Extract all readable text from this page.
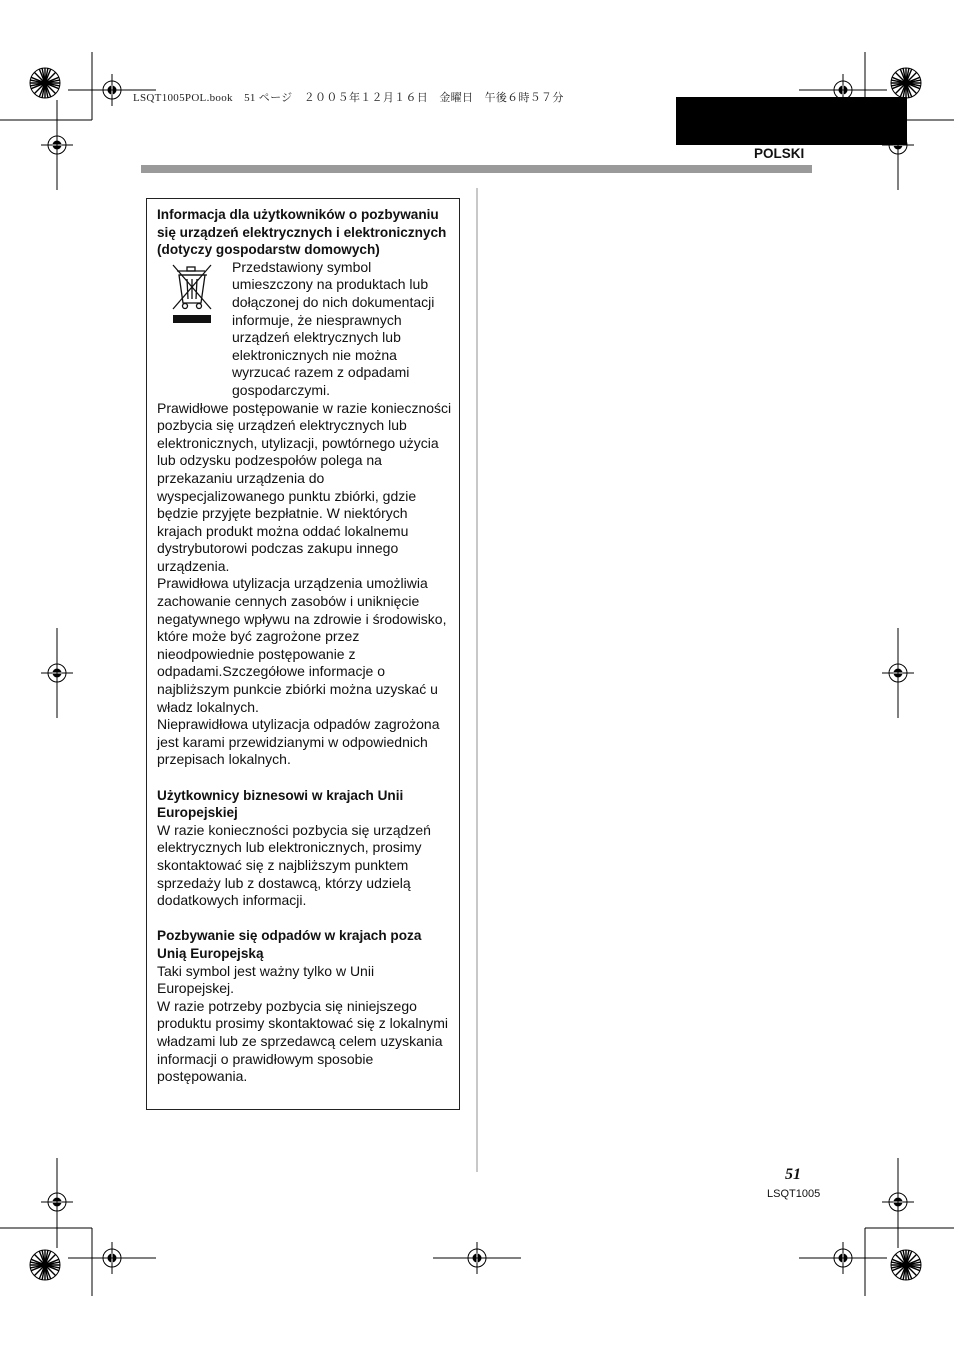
LSQT1005POL.book　51 ページ　２００５年１２月１６日　金曜日　午後６時５７分
POLSKI

Informacja dla użytkowników o pozbywaniu się urządzeń elektrycznych i elektronicznych (dotyczy gospodarstw domowych)

Przedstawiony symbol umieszczony na produktach lub dołączonej do nich dokumentacji informuje, że niesprawnych urządzeń elektrycznych lub elektronicznych nie można wyrzucać razem z odpadami gospodarczymi.

Prawidłowe postępowanie w razie konieczności pozbycia się urządzeń elektrycznych lub elektronicznych, utylizacji, powtórnego użycia lub odzysku podzespołów polega na przekazaniu urządzenia do wyspecjalizowanego punktu zbiórki, gdzie będzie przyjęte bezpłatnie. W niektórych krajach produkt można oddać lokalnemu dystrybutorowi podczas zakupu innego urządzenia.

Prawidłowa utylizacja urządzenia umożliwia zachowanie cennych zasobów i uniknięcie negatywnego wpływu na zdrowie i środowisko, które może być zagrożone przez nieodpowiednie postępowanie z odpadami.Szczegółowe informacje o najbliższym punkcie zbiórki można uzyskać u władz lokalnych.

Nieprawidłowa utylizacja odpadów zagrożona jest karami przewidzianymi w odpowiednich przepisach lokalnych.

Użytkownicy biznesowi w krajach Unii Europejskiej

W razie konieczności pozbycia się urządzeń elektrycznych lub elektronicznych, prosimy skontaktować się z najbliższym punktem sprzedaży lub z dostawcą, którzy udzielą dodatkowych informacji.

Pozbywanie się odpadów w krajach poza Unią Europejską

Taki symbol jest ważny tylko w Unii Europejskej.

W razie potrzeby pozbycia się niniejszego produktu prosimy skontaktować się z lokalnymi władzami lub ze sprzedawcą celem uzyskania informacji o prawidłowym sposobie postępowania.

51
LSQT1005
